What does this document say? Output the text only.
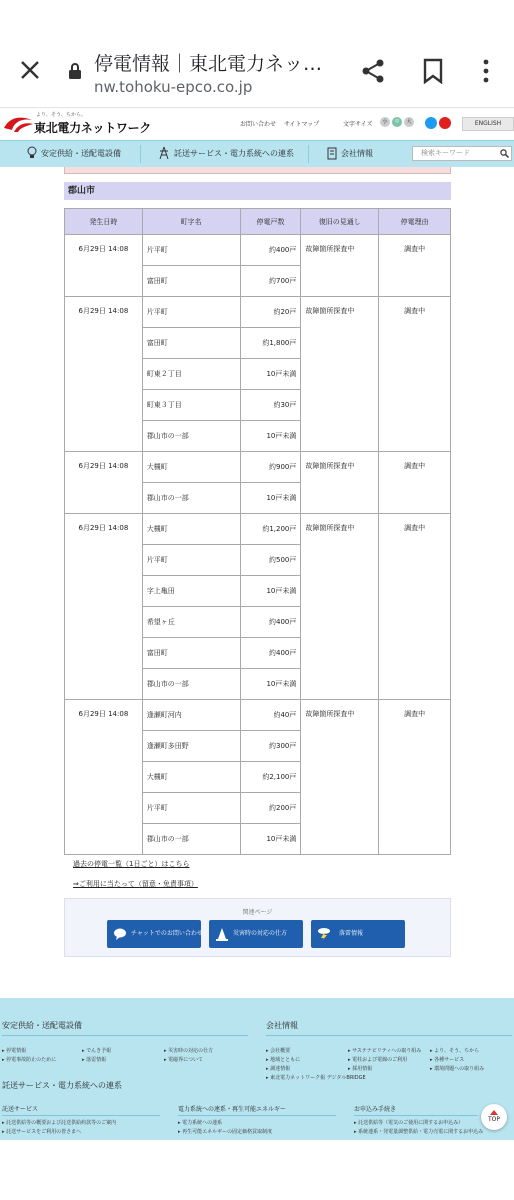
停電情報｜東北電力ネッ…
nw.tohoku-epco.co.jp
より、そう、ちから。
東北電力ネットワーク	お問い合わせ サイトマップ	文字サイズ	小	中	大	ENGLISH
安定供給・送配電設備	託送サービス・電力系統への連系	会社情報	検索キーワード
郡山市
発生日時	町字名	停電戸数	復旧の見通し	停電理由
6月29日 14:08	片平町	約400戸	故障箇所探査中	調査中
	富田町	約700戸		
6月29日 14:08	片平町	約20戸	故障箇所探査中	調査中
	富田町	約1,800戸		
	町東２丁目	10戸未満		
	町東３丁目	約30戸		
	郡山市の一部	10戸未満		
6月29日 14:08	大槻町	約900戸	故障箇所探査中	調査中
	郡山市の一部	10戸未満		
6月29日 14:08	大槻町	約1,200戸	故障箇所探査中	調査中
	片平町	約500戸		
	字上亀田	10戸未満		
	希望ヶ丘	約400戸		
	富田町	約400戸		
	郡山市の一部	10戸未満		
6月29日 14:08	逢瀬町河内	約40戸	故障箇所探査中	調査中
	逢瀬町多田野	約300戸		
	大槻町	約2,100戸		
	片平町	約200戸		
	郡山市の一部	10戸未満		
過去の停電一覧（1日ごと）はこちら
⇒ご利用に当たって（留意・免責事項）
関連ページ
チャットでのお問い合わせ	災害時の対応の仕方	落雷情報
安定供給・送配電設備
▸ 停電情報
▸ 停電事故防止のために
▸ でんき予報
▸ 落雷情報
▸ 災害時の対応の仕方
▸ 電磁界について
会社情報
▸ 会社概要
▸ 地域とともに
▸ 調達情報
▸ 東北電力ネットワーク報 デジタルBRIDGE
▸ サステナビリティへの取り組み
▸ 電柱および電線のご利用
▸ 採用情報
▸ より、そう、ちから
▸ 各種サービス
▸ 環境問題への取り組み
託送サービス・電力系統への連系
託送サービス
▸ 託送供給等の概要および託送供給約款等のご案内
▸ 託送サービスをご利用の皆さまへ
電力系統への連系・再生可能エネルギー
▸ 電力系統への連系
▸ 再生可能エネルギーの固定価格買取制度
お申込み手続き
▸ 託送供給等（電気のご使用に関するお申込み）
▸ 系統連系・発電量調整供給・電力売電に関するお申込み
TOP
